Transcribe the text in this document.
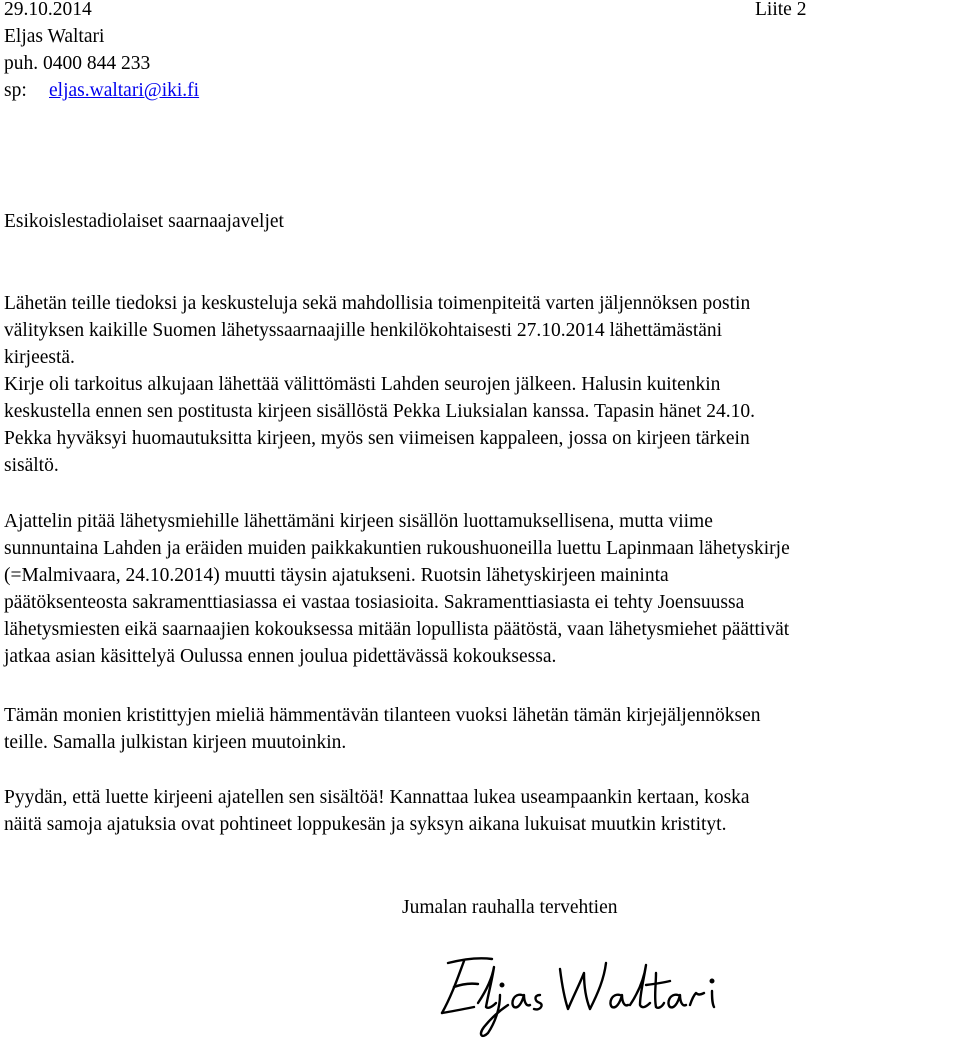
29.10.2014	Liite 2
Eljas Waltari
puh. 0400 844 233
sp: eljas.waltari@iki.fi
Esikoislestadiolaiset saarnaajaveljet
Lähetän teille tiedoksi ja keskusteluja sekä mahdollisia toimenpiteitä varten jäljennöksen postin
välityksen kaikille Suomen lähetyssaarnaajille henkilökohtaisesti 27.10.2014 lähettämästäni
kirjeestä.
Kirje oli tarkoitus alkujaan lähettää välittömästi Lahden seurojen jälkeen. Halusin kuitenkin
keskustella ennen sen postitusta kirjeen sisällöstä Pekka Liuksialan kanssa. Tapasin hänet 24.10.
Pekka hyväksyi huomautuksitta kirjeen, myös sen viimeisen kappaleen, jossa on kirjeen tärkein
sisältö.
Ajattelin pitää lähetysmiehille lähettämäni kirjeen sisällön luottamuksellisena, mutta viime
sunnuntaina Lahden ja eräiden muiden paikkakuntien rukoushuoneilla luettu Lapinmaan lähetyskirje
(=Malmivaara, 24.10.2014) muutti täysin ajatukseni. Ruotsin lähetyskirjeen maininta
päätöksenteosta sakramenttiasiassa ei vastaa tosiasioita. Sakramenttiasiasta ei tehty Joensuussa
lähetysmiesten eikä saarnaajien kokouksessa mitään lopullista päätöstä, vaan lähetysmiehet päättivät
jatkaa asian käsittelyä Oulussa ennen joulua pidettävässä kokouksessa.
Tämän monien kristittyjen mieliä hämmentävän tilanteen vuoksi lähetän tämän kirjejäljennöksen
teille. Samalla julkistan kirjeen muutoinkin.
Pyydän, että luette kirjeeni ajatellen sen sisältöä! Kannattaa lukea useampaankin kertaan, koska
näitä samoja ajatuksia ovat pohtineet loppukesän ja syksyn aikana lukuisat muutkin kristityt.
Jumalan rauhalla tervehtien
